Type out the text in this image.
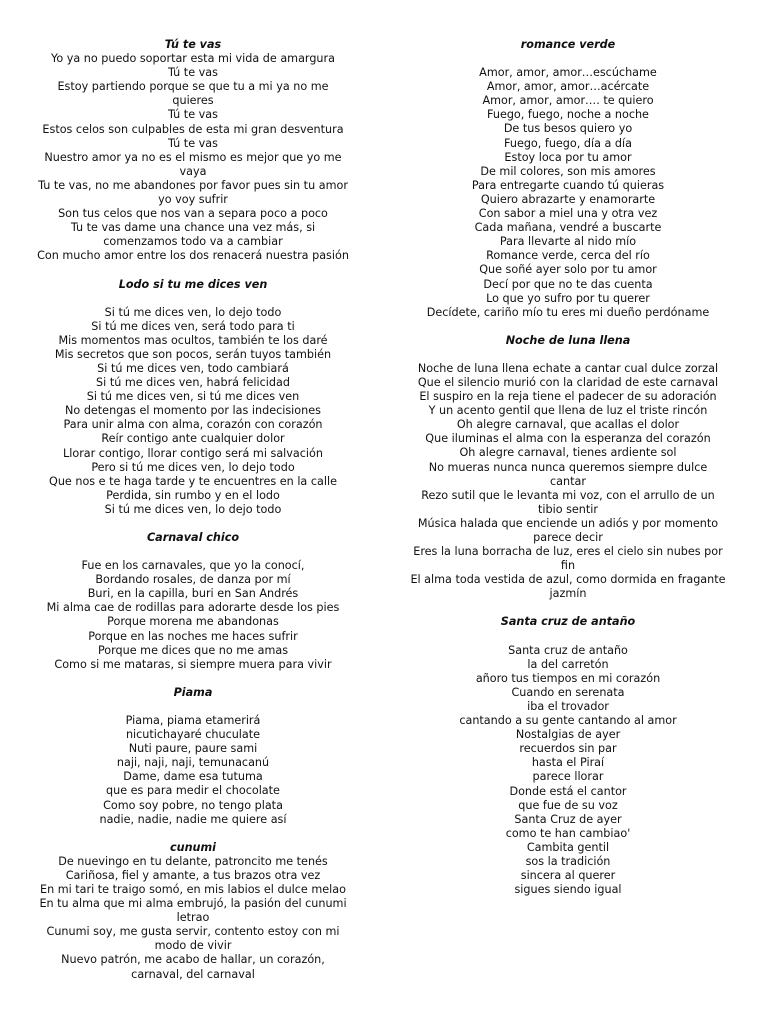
Tú te vas
Yo ya no puedo soportar esta mi vida de amargura
Tú te vas
Estoy partiendo porque se que tu a mi ya no me
quieres
Tú te vas
Estos celos son culpables de esta mi gran desventura
Tú te vas
Nuestro amor ya no es el mismo es mejor que yo me
vaya
Tu te vas, no me abandones por favor pues sin tu amor
yo voy sufrir
Son tus celos que nos van a separa poco a poco
Tu te vas dame una chance una vez más, si
comenzamos todo va a cambiar
Con mucho amor entre los dos renacerá nuestra pasión
Lodo si tu me dices ven
Si tú me dices ven, lo dejo todo
Si tú me dices ven, será todo para ti
Mis momentos mas ocultos, también te los daré
Mis secretos que son pocos, serán tuyos también
Si tú me dices ven, todo cambiará
Si tú me dices ven, habrá felicidad
Si tú me dices ven, si tú me dices ven
No detengas el momento por las indecisiones
Para unir alma con alma, corazón con corazón
Reír contigo ante cualquier dolor
Llorar contigo, llorar contigo será mi salvación
Pero si tú me dices ven, lo dejo todo
Que nos e te haga tarde y te encuentres en la calle
Perdida, sin rumbo y en el lodo
Si tú me dices ven, lo dejo todo
Carnaval chico
Fue en los carnavales, que yo la conocí,
Bordando rosales, de danza por mí
Buri, en la capilla, buri en San Andrés
Mi alma cae de rodillas para adorarte desde los pies
Porque morena me abandonas
Porque en las noches me haces sufrir
Porque me dices que no me amas
Como si me mataras, si siempre muera para vivir
Piama
Piama, piama etamerirá
nicutichayaré chuculate
Nuti paure, paure sami
naji, naji, naji, temunacanú
Dame, dame esa tutuma
que es para medir el chocolate
Como soy pobre, no tengo plata
nadie, nadie, nadie me quiere así
cunumi
De nuevingo en tu delante, patroncito me tenés
Cariñosa, fiel y amante, a tus brazos otra vez
En mi tari te traigo somó, en mis labios el dulce melao
En tu alma que mi alma embrujó, la pasión del cunumi
letrao
Cunumi soy, me gusta servir, contento estoy con mi
modo de vivir
Nuevo patrón, me acabo de hallar, un corazón,
carnaval, del carnaval
romance verde
Amor, amor, amor…escúchame
Amor, amor, amor…acércate
Amor, amor, amor…. te quiero
Fuego, fuego, noche a noche
De tus besos quiero yo
Fuego, fuego, día a día
Estoy loca por tu amor
De mil colores, son mis amores
Para entregarte cuando tú quieras
Quiero abrazarte y enamorarte
Con sabor a miel una y otra vez
Cada mañana, vendré a buscarte
Para llevarte al nido mío
Romance verde, cerca del río
Que soñé ayer solo por tu amor
Decí por que no te das cuenta
Lo que yo sufro por tu querer
Decídete, cariño mío tu eres mi dueño perdóname
Noche de luna llena
Noche de luna llena echate a cantar cual dulce zorzal
Que el silencio murió con la claridad de este carnaval
El suspiro en la reja tiene el padecer de su adoración
Y un acento gentil que llena de luz el triste rincón
Oh alegre carnaval, que acallas el dolor
Que iluminas el alma con la esperanza del corazón
Oh alegre carnaval, tienes ardiente sol
No mueras nunca nunca queremos siempre dulce
cantar
Rezo sutil que le levanta mi voz, con el arrullo de un
tibio sentir
Música halada que enciende un adiós y por momento
parece decir
Eres la luna borracha de luz, eres el cielo sin nubes por
fin
El alma toda vestida de azul, como dormida en fragante
jazmín
Santa cruz de antaño
Santa cruz de antaño
la del carretón
añoro tus tiempos en mi corazón
Cuando en serenata
iba el trovador
cantando a su gente cantando al amor
Nostalgias de ayer
recuerdos sin par
hasta el Piraí
parece llorar
Donde está el cantor
que fue de su voz
Santa Cruz de ayer
como te han cambiao'
Cambita gentil
sos la tradición
sincera al querer
sigues siendo igual
